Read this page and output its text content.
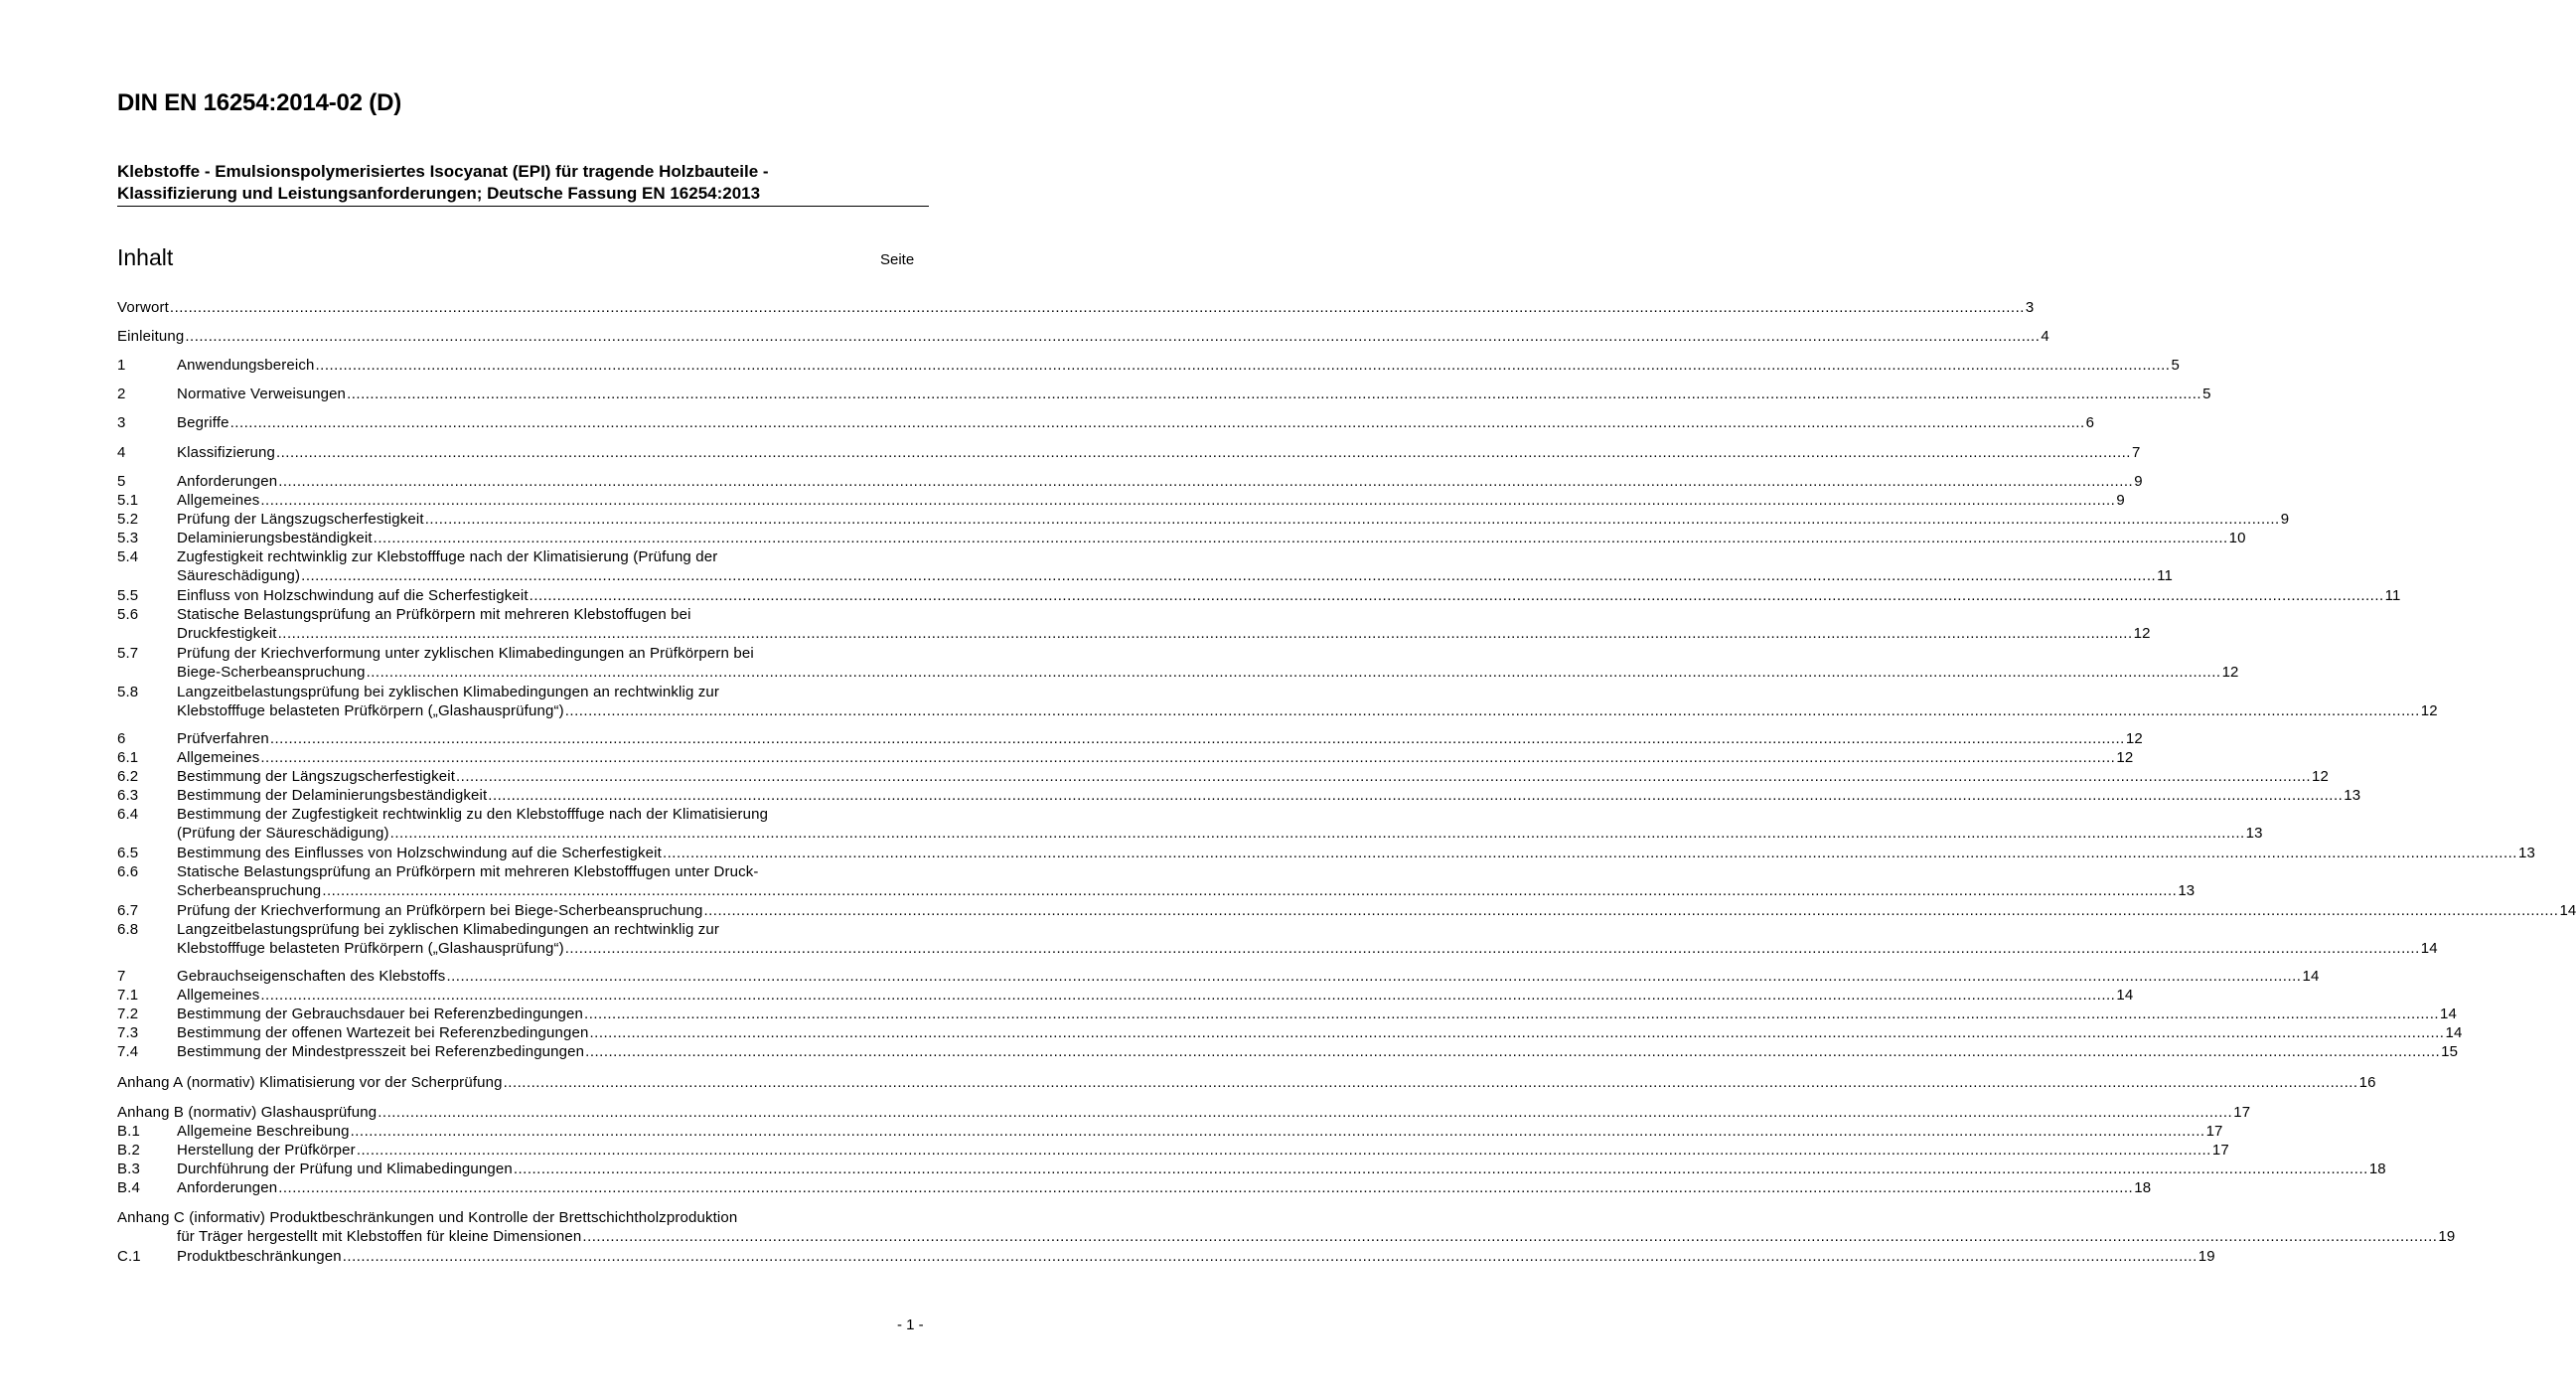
DIN EN 16254:2014-02 (D)
Klebstoffe - Emulsionspolymerisiertes Isocyanat (EPI) für tragende Holzbauteile -
Klassifizierung und Leistungsanforderungen; Deutsche Fassung EN 16254:2013
Inhalt	Seite
Vorwort ................................................................................................................................................................................................................................................................................................................................................................................................................ 3
Einleitung ................................................................................................................................................................................................................................................................................................................................................................................................................ 4
1	Anwendungsbereich ................................................................................................................................................................................................................................................................................................................................................................................................................ 5
2	Normative Verweisungen ................................................................................................................................................................................................................................................................................................................................................................................................................ 5
3	Begriffe ................................................................................................................................................................................................................................................................................................................................................................................................................ 6
4	Klassifizierung ................................................................................................................................................................................................................................................................................................................................................................................................................ 7
5	Anforderungen ................................................................................................................................................................................................................................................................................................................................................................................................................ 9
5.1	Allgemeines ................................................................................................................................................................................................................................................................................................................................................................................................................ 9
5.2	Prüfung der Längszugscherfestigkeit ................................................................................................................................................................................................................................................................................................................................................................................................................ 9
5.3	Delaminierungsbeständigkeit ................................................................................................................................................................................................................................................................................................................................................................................................................ 10
5.4	Zugfestigkeit rechtwinklig zur Klebstofffuge nach der Klimatisierung (Prüfung der
Säureschädigung) ................................................................................................................................................................................................................................................................................................................................................................................................................ 11
5.5	Einfluss von Holzschwindung auf die Scherfestigkeit ................................................................................................................................................................................................................................................................................................................................................................................................................ 11
5.6	Statische Belastungsprüfung an Prüfkörpern mit mehreren Klebstoffugen bei
Druckfestigkeit ................................................................................................................................................................................................................................................................................................................................................................................................................ 12
5.7	Prüfung der Kriechverformung unter zyklischen Klimabedingungen an Prüfkörpern bei
Biege-Scherbeanspruchung ................................................................................................................................................................................................................................................................................................................................................................................................................ 12
5.8	Langzeitbelastungsprüfung bei zyklischen Klimabedingungen an rechtwinklig zur
Klebstofffuge belasteten Prüfkörpern („Glashausprüfung“) ................................................................................................................................................................................................................................................................................................................................................................................................................ 12
6	Prüfverfahren ................................................................................................................................................................................................................................................................................................................................................................................................................ 12
6.1	Allgemeines ................................................................................................................................................................................................................................................................................................................................................................................................................ 12
6.2	Bestimmung der Längszugscherfestigkeit ................................................................................................................................................................................................................................................................................................................................................................................................................ 12
6.3	Bestimmung der Delaminierungsbeständigkeit ................................................................................................................................................................................................................................................................................................................................................................................................................ 13
6.4	Bestimmung der Zugfestigkeit rechtwinklig zu den Klebstofffuge nach der Klimatisierung
(Prüfung der Säureschädigung) ................................................................................................................................................................................................................................................................................................................................................................................................................ 13
6.5	Bestimmung des Einflusses von Holzschwindung auf die Scherfestigkeit ................................................................................................................................................................................................................................................................................................................................................................................................................ 13
6.6	Statische Belastungsprüfung an Prüfkörpern mit mehreren Klebstofffugen unter Druck-
Scherbeanspruchung ................................................................................................................................................................................................................................................................................................................................................................................................................ 13
6.7	Prüfung der Kriechverformung an Prüfkörpern bei Biege-Scherbeanspruchung ................................................................................................................................................................................................................................................................................................................................................................................................................ 14
6.8	Langzeitbelastungsprüfung bei zyklischen Klimabedingungen an rechtwinklig zur
Klebstofffuge belasteten Prüfkörpern („Glashausprüfung“) ................................................................................................................................................................................................................................................................................................................................................................................................................ 14
7	Gebrauchseigenschaften des Klebstoffs ................................................................................................................................................................................................................................................................................................................................................................................................................ 14
7.1	Allgemeines ................................................................................................................................................................................................................................................................................................................................................................................................................ 14
7.2	Bestimmung der Gebrauchsdauer bei Referenzbedingungen ................................................................................................................................................................................................................................................................................................................................................................................................................ 14
7.3	Bestimmung der offenen Wartezeit bei Referenzbedingungen ................................................................................................................................................................................................................................................................................................................................................................................................................ 14
7.4	Bestimmung der Mindestpresszeit bei Referenzbedingungen ................................................................................................................................................................................................................................................................................................................................................................................................................ 15
Anhang A (normativ) Klimatisierung vor der Scherprüfung ................................................................................................................................................................................................................................................................................................................................................................................................................ 16
Anhang B (normativ) Glashausprüfung ................................................................................................................................................................................................................................................................................................................................................................................................................ 17
B.1 Allgemeine Beschreibung ................................................................................................................................................................................................................................................................................................................................................................................................................ 17
B.2 Herstellung der Prüfkörper ................................................................................................................................................................................................................................................................................................................................................................................................................ 17
B.3 Durchführung der Prüfung und Klimabedingungen ................................................................................................................................................................................................................................................................................................................................................................................................................ 18
B.4 Anforderungen ................................................................................................................................................................................................................................................................................................................................................................................................................ 18
Anhang C (informativ) Produktbeschränkungen und Kontrolle der Brettschichtholzproduktion
für Träger hergestellt mit Klebstoffen für kleine Dimensionen ................................................................................................................................................................................................................................................................................................................................................................................................................ 19
C.1 Produktbeschränkungen ................................................................................................................................................................................................................................................................................................................................................................................................................ 19
- 1 -
